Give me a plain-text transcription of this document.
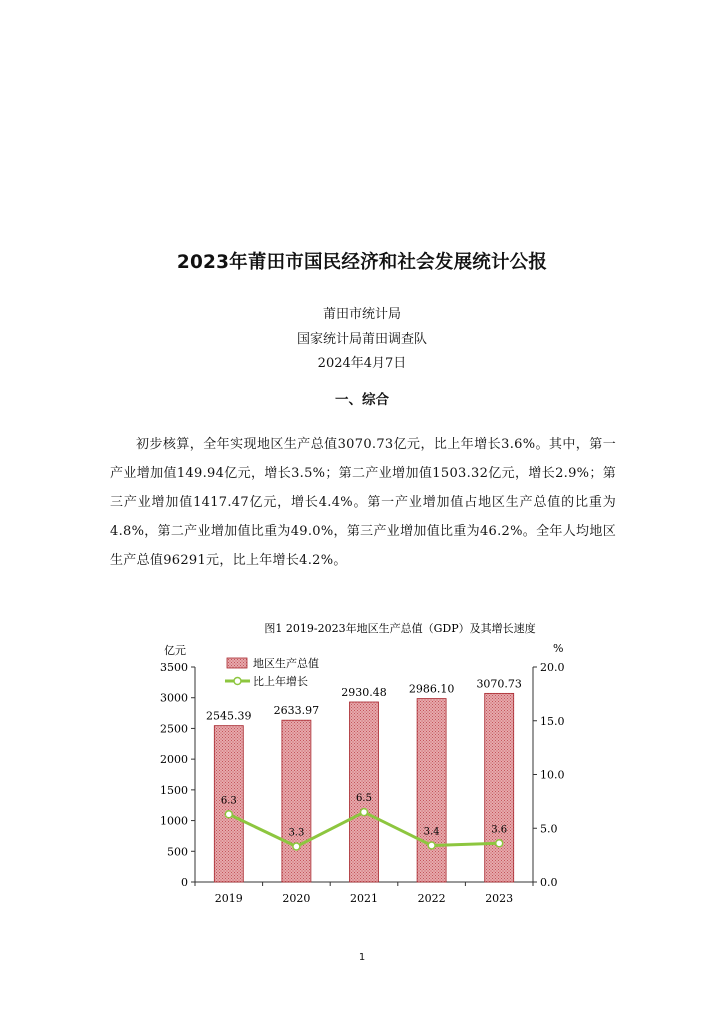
2023年莆田市国民经济和社会发展统计公报
莆田市统计局
国家统计局莆田调查队
2024年4月7日
一、综合
初步核算，全年实现地区生产总值3070.73亿元，比上年增长3.6%。其中，第一产业增加值149.94亿元，增长3.5%；第二产业增加值1503.32亿元，增长2.9%；第三产业增加值1417.47亿元，增长4.4%。第一产业增加值占地区生产总值的比重为4.8%，第二产业增加值比重为49.0%，第三产业增加值比重为46.2%。全年人均地区生产总值96291元，比上年增长4.2%。
图1 2019-2023年地区生产总值（GDP）及其增长速度
亿元	%
0
500
1000
1500
2000
2500
3000
3500
0.0
5.0
10.0
15.0
20.0
2019	2020	2021	2022	2023
2545.39 2633.97
2930.48 2986.10 3070.73
6.3
3.3
6.5
3.4	3.6
地区生产总值
比上年增长
1
